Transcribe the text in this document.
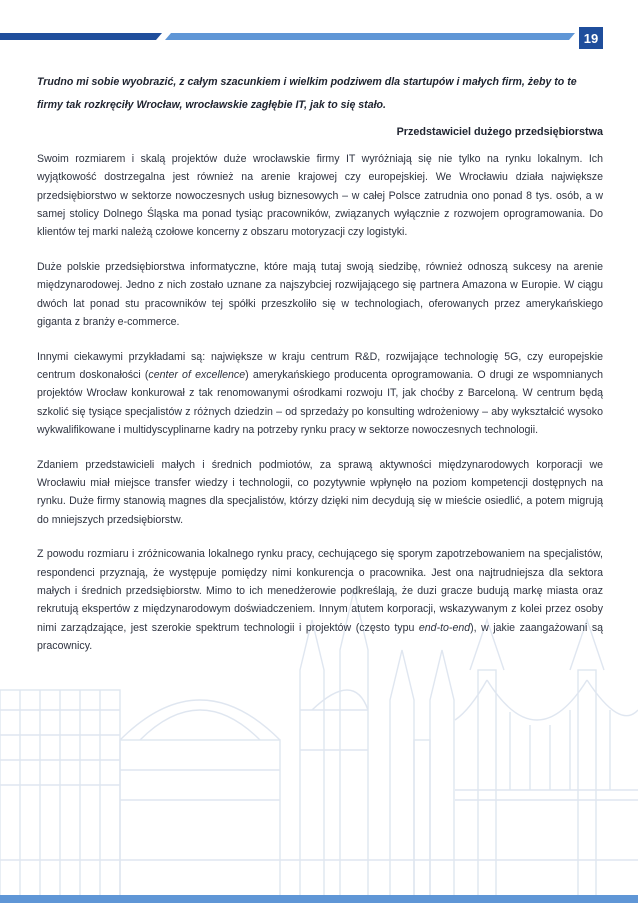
19
Trudno mi sobie wyobrazić, z całym szacunkiem i wielkim podziwem dla startupów i małych firm, żeby to te firmy tak rozkręciły Wrocław, wrocławskie zagłębie IT, jak to się stało.
Przedstawiciel dużego przedsiębiorstwa

Swoim rozmiarem i skalą projektów duże wrocławskie firmy IT wyróżniają się nie tylko na rynku lokalnym. Ich wyjątkowość dostrzegalna jest również na arenie krajowej czy europejskiej. We Wrocławiu działa największe przedsiębiorstwo w sektorze nowoczesnych usług biznesowych – w całej Polsce zatrudnia ono ponad 8 tys. osób, a w samej stolicy Dolnego Śląska ma ponad tysiąc pracowników, związanych wyłącznie z rozwojem oprogramowania. Do klientów tej marki należą czołowe koncerny z obszaru motoryzacji czy logistyki.

Duże polskie przedsiębiorstwa informatyczne, które mają tutaj swoją siedzibę, również odnoszą sukcesy na arenie międzynarodowej. Jedno z nich zostało uznane za najszybciej rozwijającego się partnera Amazona w Europie. W ciągu dwóch lat ponad stu pracowników tej spółki przeszkoliło się w technologiach, oferowanych przez amerykańskiego giganta z branży e-commerce.

Innymi ciekawymi przykładami są: największe w kraju centrum R&D, rozwijające technologię 5G, czy europejskie centrum doskonałości (center of excellence) amerykańskiego producenta oprogramowania. O drugi ze wspomnianych projektów Wrocław konkurował z tak renomowanymi ośrodkami rozwoju IT, jak choćby z Barceloną. W centrum będą szkolić się tysiące specjalistów z różnych dziedzin – od sprzedaży po konsulting wdrożeniowy – aby wykształcić wysoko wykwalifikowane i multidyscyplinarne kadry na potrzeby rynku pracy w sektorze nowoczesnych technologii.

Zdaniem przedstawicieli małych i średnich podmiotów, za sprawą aktywności międzynarodowych korporacji we Wrocławiu miał miejsce transfer wiedzy i technologii, co pozytywnie wpłynęło na poziom kompetencji dostępnych na rynku. Duże firmy stanowią magnes dla specjalistów, którzy dzięki nim decydują się w mieście osiedlić, a potem migrują do mniejszych przedsiębiorstw.

Z powodu rozmiaru i zróżnicowania lokalnego rynku pracy, cechującego się sporym zapotrzebowaniem na specjalistów, respondenci przyznają, że występuje pomiędzy nimi konkurencja o pracownika. Jest ona najtrudniejsza dla sektora małych i średnich przedsiębiorstw. Mimo to ich menedżerowie podkreślają, że duzi gracze budują markę miasta oraz rekrutują ekspertów z międzynarodowym doświadczeniem. Innym atutem korporacji, wskazywanym z kolei przez osoby nimi zarządzające, jest szerokie spektrum technologii i projektów (często typu end-to-end), w jakie zaangażowani są pracownicy.
